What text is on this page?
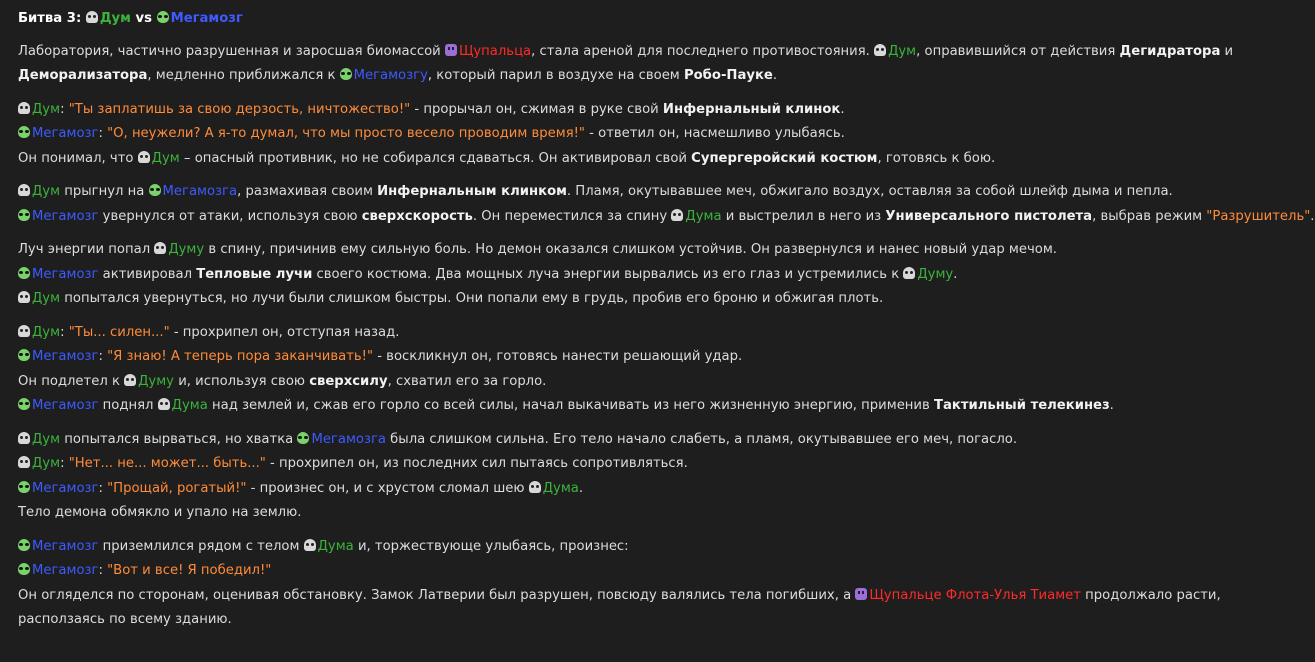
Битва 3: Дум vs Мегамозг
Лаборатория, частично разрушенная и заросшая биомассой Щупальца, стала ареной для последнего противостояния. Дум, оправившийся от действия Дегидратора и Деморализатора, медленно приближался к Мегамозгу, который парил в воздухе на своем Робо-Пауке.
Дум: "Ты заплатишь за свою дерзость, ничтожество!" - прорычал он, сжимая в руке свой Инфернальный клинок.
Мегамозг: "О, неужели? А я-то думал, что мы просто весело проводим время!" - ответил он, насмешливо улыбаясь.
Он понимал, что Дум – опасный противник, но не собирался сдаваться. Он активировал свой Супергеройский костюм, готовясь к бою.
Дум прыгнул на Мегамозга, размахивая своим Инфернальным клинком. Пламя, окутывавшее меч, обжигало воздух, оставляя за собой шлейф дыма и пепла.
Мегамозг увернулся от атаки, используя свою сверхскорость. Он переместился за спину Дума и выстрелил в него из Универсального пистолета, выбрав режим "Разрушитель".
Луч энергии попал Думу в спину, причинив ему сильную боль. Но демон оказался слишком устойчив. Он развернулся и нанес новый удар мечом.
Мегамозг активировал Тепловые лучи своего костюма. Два мощных луча энергии вырвались из его глаз и устремились к Думу.
Дум попытался увернуться, но лучи были слишком быстры. Они попали ему в грудь, пробив его броню и обжигая плоть.
Дум: "Ты... силен..." - прохрипел он, отступая назад.
Мегамозг: "Я знаю! А теперь пора заканчивать!" - воскликнул он, готовясь нанести решающий удар.
Он подлетел к Думу и, используя свою сверхсилу, схватил его за горло.
Мегамозг поднял Дума над землей и, сжав его горло со всей силы, начал выкачивать из него жизненную энергию, применив Тактильный телекинез.
Дум попытался вырваться, но хватка Мегамозга была слишком сильна. Его тело начало слабеть, а пламя, окутывавшее его меч, погасло.
Дум: "Нет... не... может... быть..." - прохрипел он, из последних сил пытаясь сопротивляться.
Мегамозг: "Прощай, рогатый!" - произнес он, и с хрустом сломал шею Дума.
Тело демона обмякло и упало на землю.
Мегамозг приземлился рядом с телом Дума и, торжествующе улыбаясь, произнес:
Мегамозг: "Вот и все! Я победил!"
Он огляделся по сторонам, оценивая обстановку. Замок Латверии был разрушен, повсюду валялись тела погибших, а Щупальце Флота-Улья Тиамет продолжало расти, расползаясь по всему зданию.
